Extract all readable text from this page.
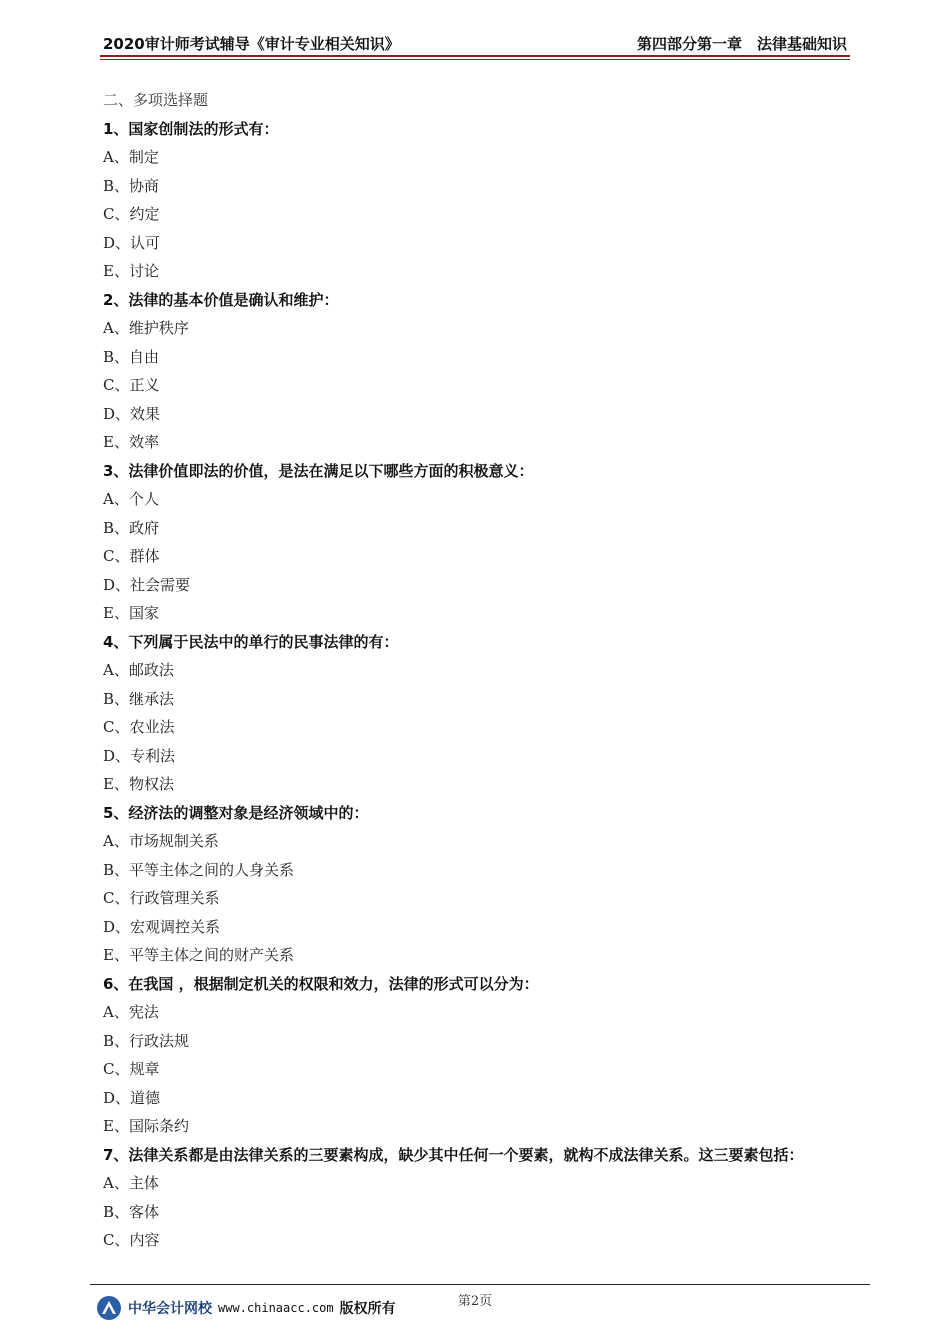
2020审计师考试辅导《审计专业相关知识》	第四部分第一章　法律基础知识
二、多项选择题
1、国家创制法的形式有：
A、制定
B、协商
C、约定
D、认可
E、讨论
2、法律的基本价值是确认和维护：
A、维护秩序
B、自由
C、正义
D、效果
E、效率
3、法律价值即法的价值，是法在满足以下哪些方面的积极意义：
A、个人
B、政府
C、群体
D、社会需要
E、国家
4、下列属于民法中的单行的民事法律的有：
A、邮政法
B、继承法
C、农业法
D、专利法
E、物权法
5、经济法的调整对象是经济领域中的：
A、市场规制关系
B、平等主体之间的人身关系
C、行政管理关系
D、宏观调控关系
E、平等主体之间的财产关系
6、在我国 ，根据制定机关的权限和效力，法律的形式可以分为：
A、宪法
B、行政法规
C、规章
D、道德
E、国际条约
7、法律关系都是由法律关系的三要素构成，缺少其中任何一个要素，就构不成法律关系。这三要素包括：
A、主体
B、客体
C、内容
第2页
中华会计网校 www.chinaacc.com 版权所有
